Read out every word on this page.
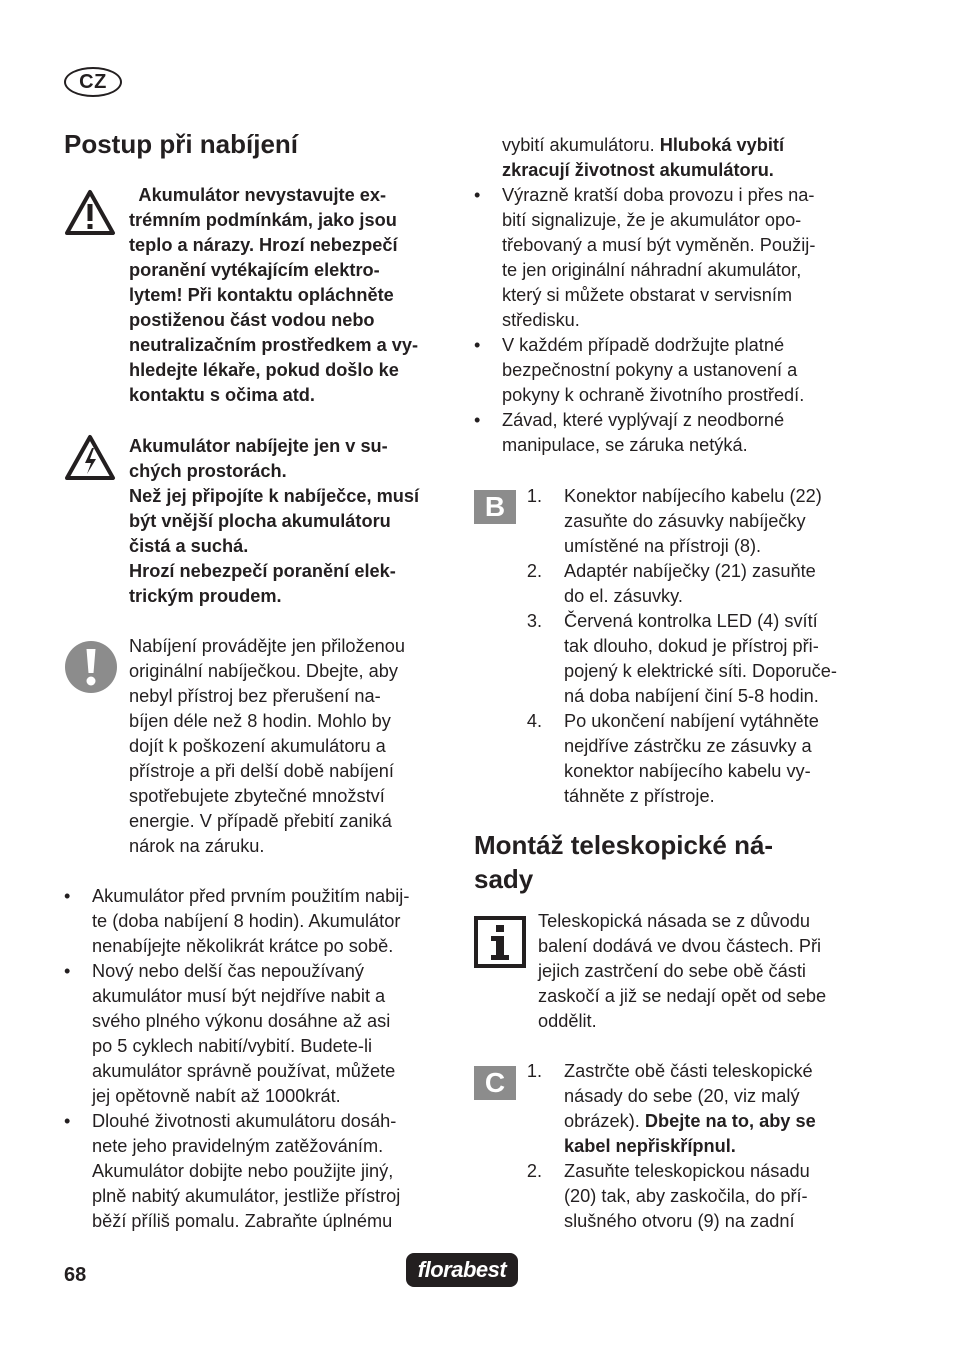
CZ
Postup při nabíjení
Akumulátor nevystavujte ex-
trémním podmínkám, jako jsou
teplo a nárazy. Hrozí nebezpečí
poranění vytékajícím elektro-
lytem! Při kontaktu opláchněte
postiženou část vodou nebo
neutralizačním prostředkem a vy-
hledejte lékaře, pokud došlo ke
kontaktu s očima atd.
Akumulátor nabíjejte jen v su-
chých prostorách.
Než jej připojíte k nabíječce, musí
být vnější plocha akumulátoru
čistá a suchá.
Hrozí nebezpečí poranění elek-
trickým proudem.
Nabíjení provádějte jen přiloženou
originální nabíječkou. Dbejte, aby
nebyl přístroj bez přerušení na-
bíjen déle než 8 hodin. Mohlo by
dojít k poškození akumulátoru a
přístroje a při delší době nabíjení
spotřebujete zbytečné množství
energie. V případě přebití zaniká
nárok na záruku.
• Akumulátor před prvním použitím nabij-
te (doba nabíjení 8 hodin). Akumulátor
nenabíjejte několikrát krátce po sobě.
• Nový nebo delší čas nepoužívaný
akumulátor musí být nejdříve nabit a
svého plného výkonu dosáhne až asi
po 5 cyklech nabití/vybití. Budete-li
akumulátor správně používat, můžete
jej opětovně nabít až 1000krát.
• Dlouhé životnosti akumulátoru dosáh-
nete jeho pravidelným zatěžováním.
Akumulátor dobijte nebo použijte jiný,
plně nabitý akumulátor, jestliže přístroj
běží příliš pomalu. Zabraňte úplnému
vybití akumulátoru. Hluboká vybití
zkracují životnost akumulátoru.
• Výrazně kratší doba provozu i přes na-
bití signalizuje, že je akumulátor opo-
třebovaný a musí být vyměněn. Použij-
te jen originální náhradní akumulátor,
který si můžete obstarat v servisním
středisku.
• V každém případě dodržujte platné
bezpečnostní pokyny a ustanovení a
pokyny k ochraně životního prostředí.
• Závad, které vyplývají z neodborné
manipulace, se záruka netýká.
B	1. Konektor nabíjecího kabelu (22)
zasuňte do zásuvky nabíječky
umístěné na přístroji (8).
2. Adaptér nabíječky (21) zasuňte
do el. zásuvky.
3. Červená kontrolka LED (4) svítí
tak dlouho, dokud je přístroj při-
pojený k elektrické síti. Doporuče-
ná doba nabíjení činí 5-8 hodin.
4. Po ukončení nabíjení vytáhněte
nejdříve zástrčku ze zásuvky a
konektor nabíjecího kabelu vy-
táhněte z přístroje.
Montáž teleskopické ná-
sady
Teleskopická násada se z důvodu
balení dodává ve dvou částech. Při
jejich zastrčení do sebe obě části
zaskočí a již se nedají opět od sebe
oddělit.
C	1. Zastrčte obě části teleskopické
násady do sebe (20, viz malý
obrázek). Dbejte na to, aby se
kabel nepřiskřípnul.
2. Zasuňte teleskopickou násadu
(20) tak, aby zaskočila, do pří-
slušného otvoru (9) na zadní
68	florabest
